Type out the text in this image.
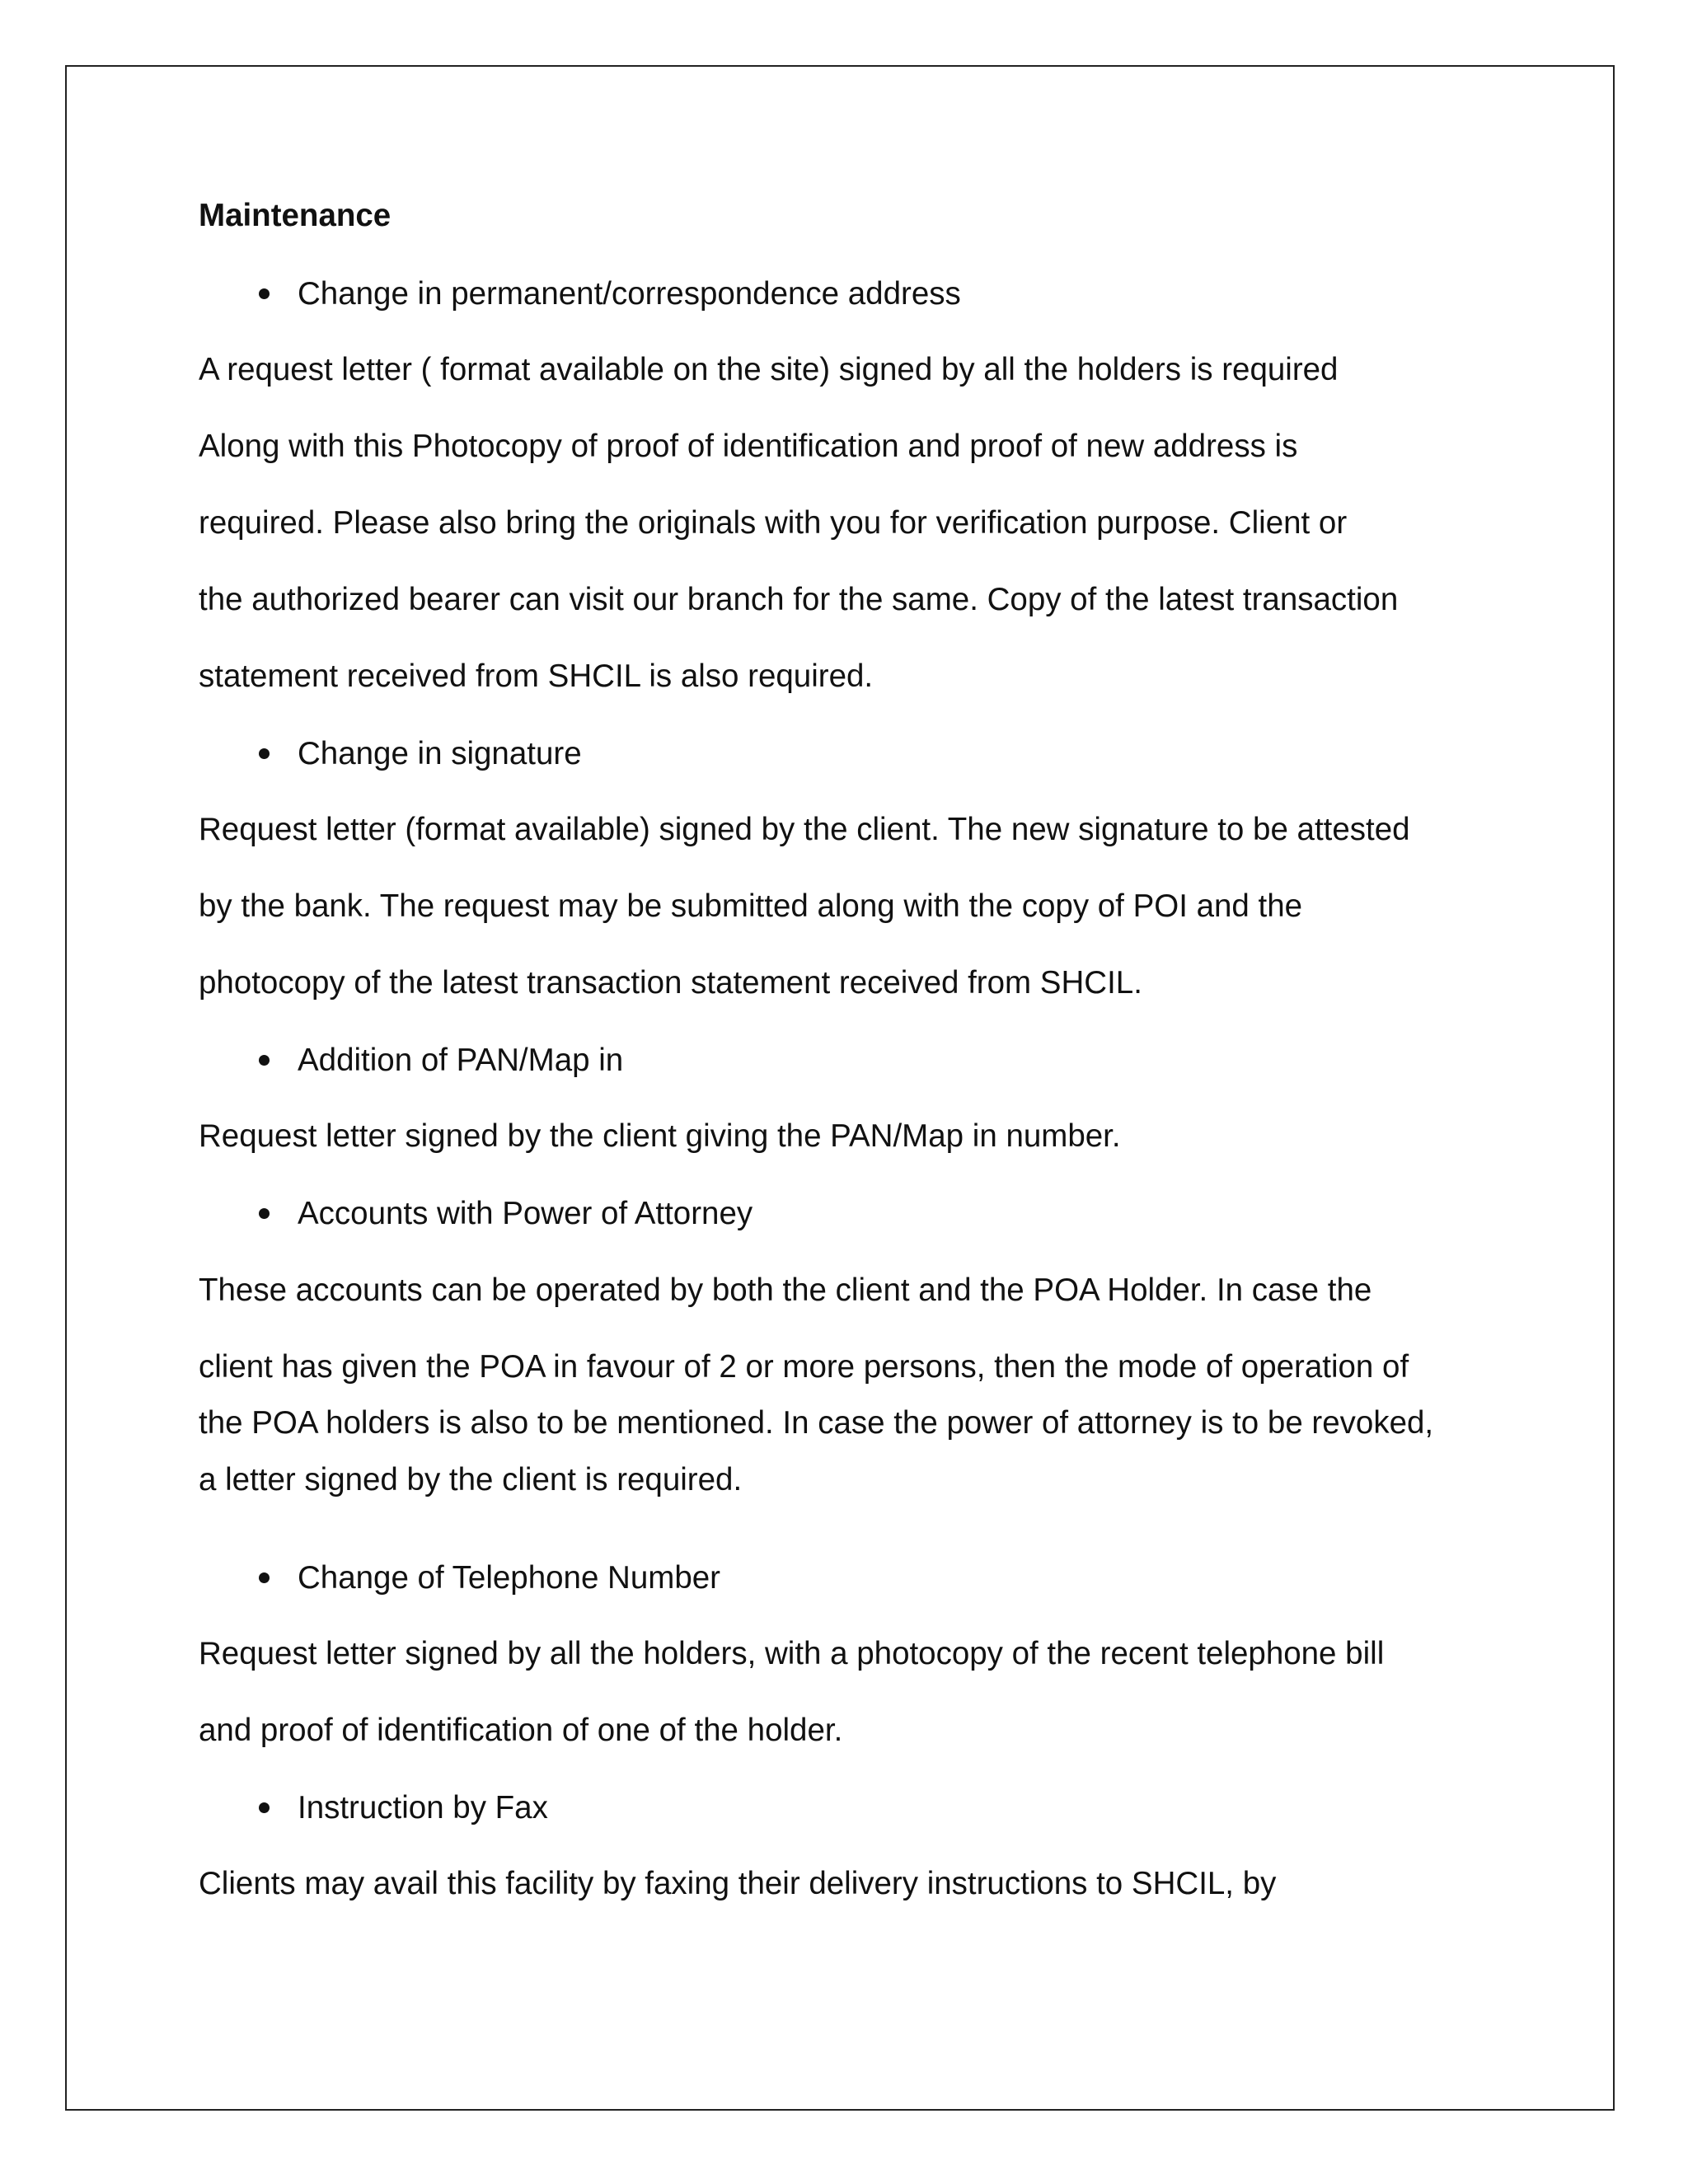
Maintenance
Change in permanent/correspondence address
A request letter ( format available on the site) signed by all the holders is required
Along with this Photocopy of proof of identification and proof of new address is
required. Please also bring the originals with you for verification purpose. Client or
the authorized bearer can visit our branch for the same. Copy of the latest transaction
statement received from SHCIL is also required.
Change in signature
Request letter (format available) signed by the client. The new signature to be attested
by the bank. The request may be submitted along with the copy of POI and the
photocopy of the latest transaction statement received from SHCIL.
Addition of PAN/Map in
Request letter signed by the client giving the PAN/Map in number.
Accounts with Power of Attorney
These accounts can be operated by both the client and the POA Holder. In case the
client has given the POA in favour of 2 or more persons, then the mode of operation of
the POA holders is also to be mentioned. In case the power of attorney is to be revoked,
a letter signed by the client is required.
Change of Telephone Number
Request letter signed by all the holders, with a photocopy of the recent telephone bill
and proof of identification of one of the holder.
Instruction by Fax
Clients may avail this facility by faxing their delivery instructions to SHCIL, by
